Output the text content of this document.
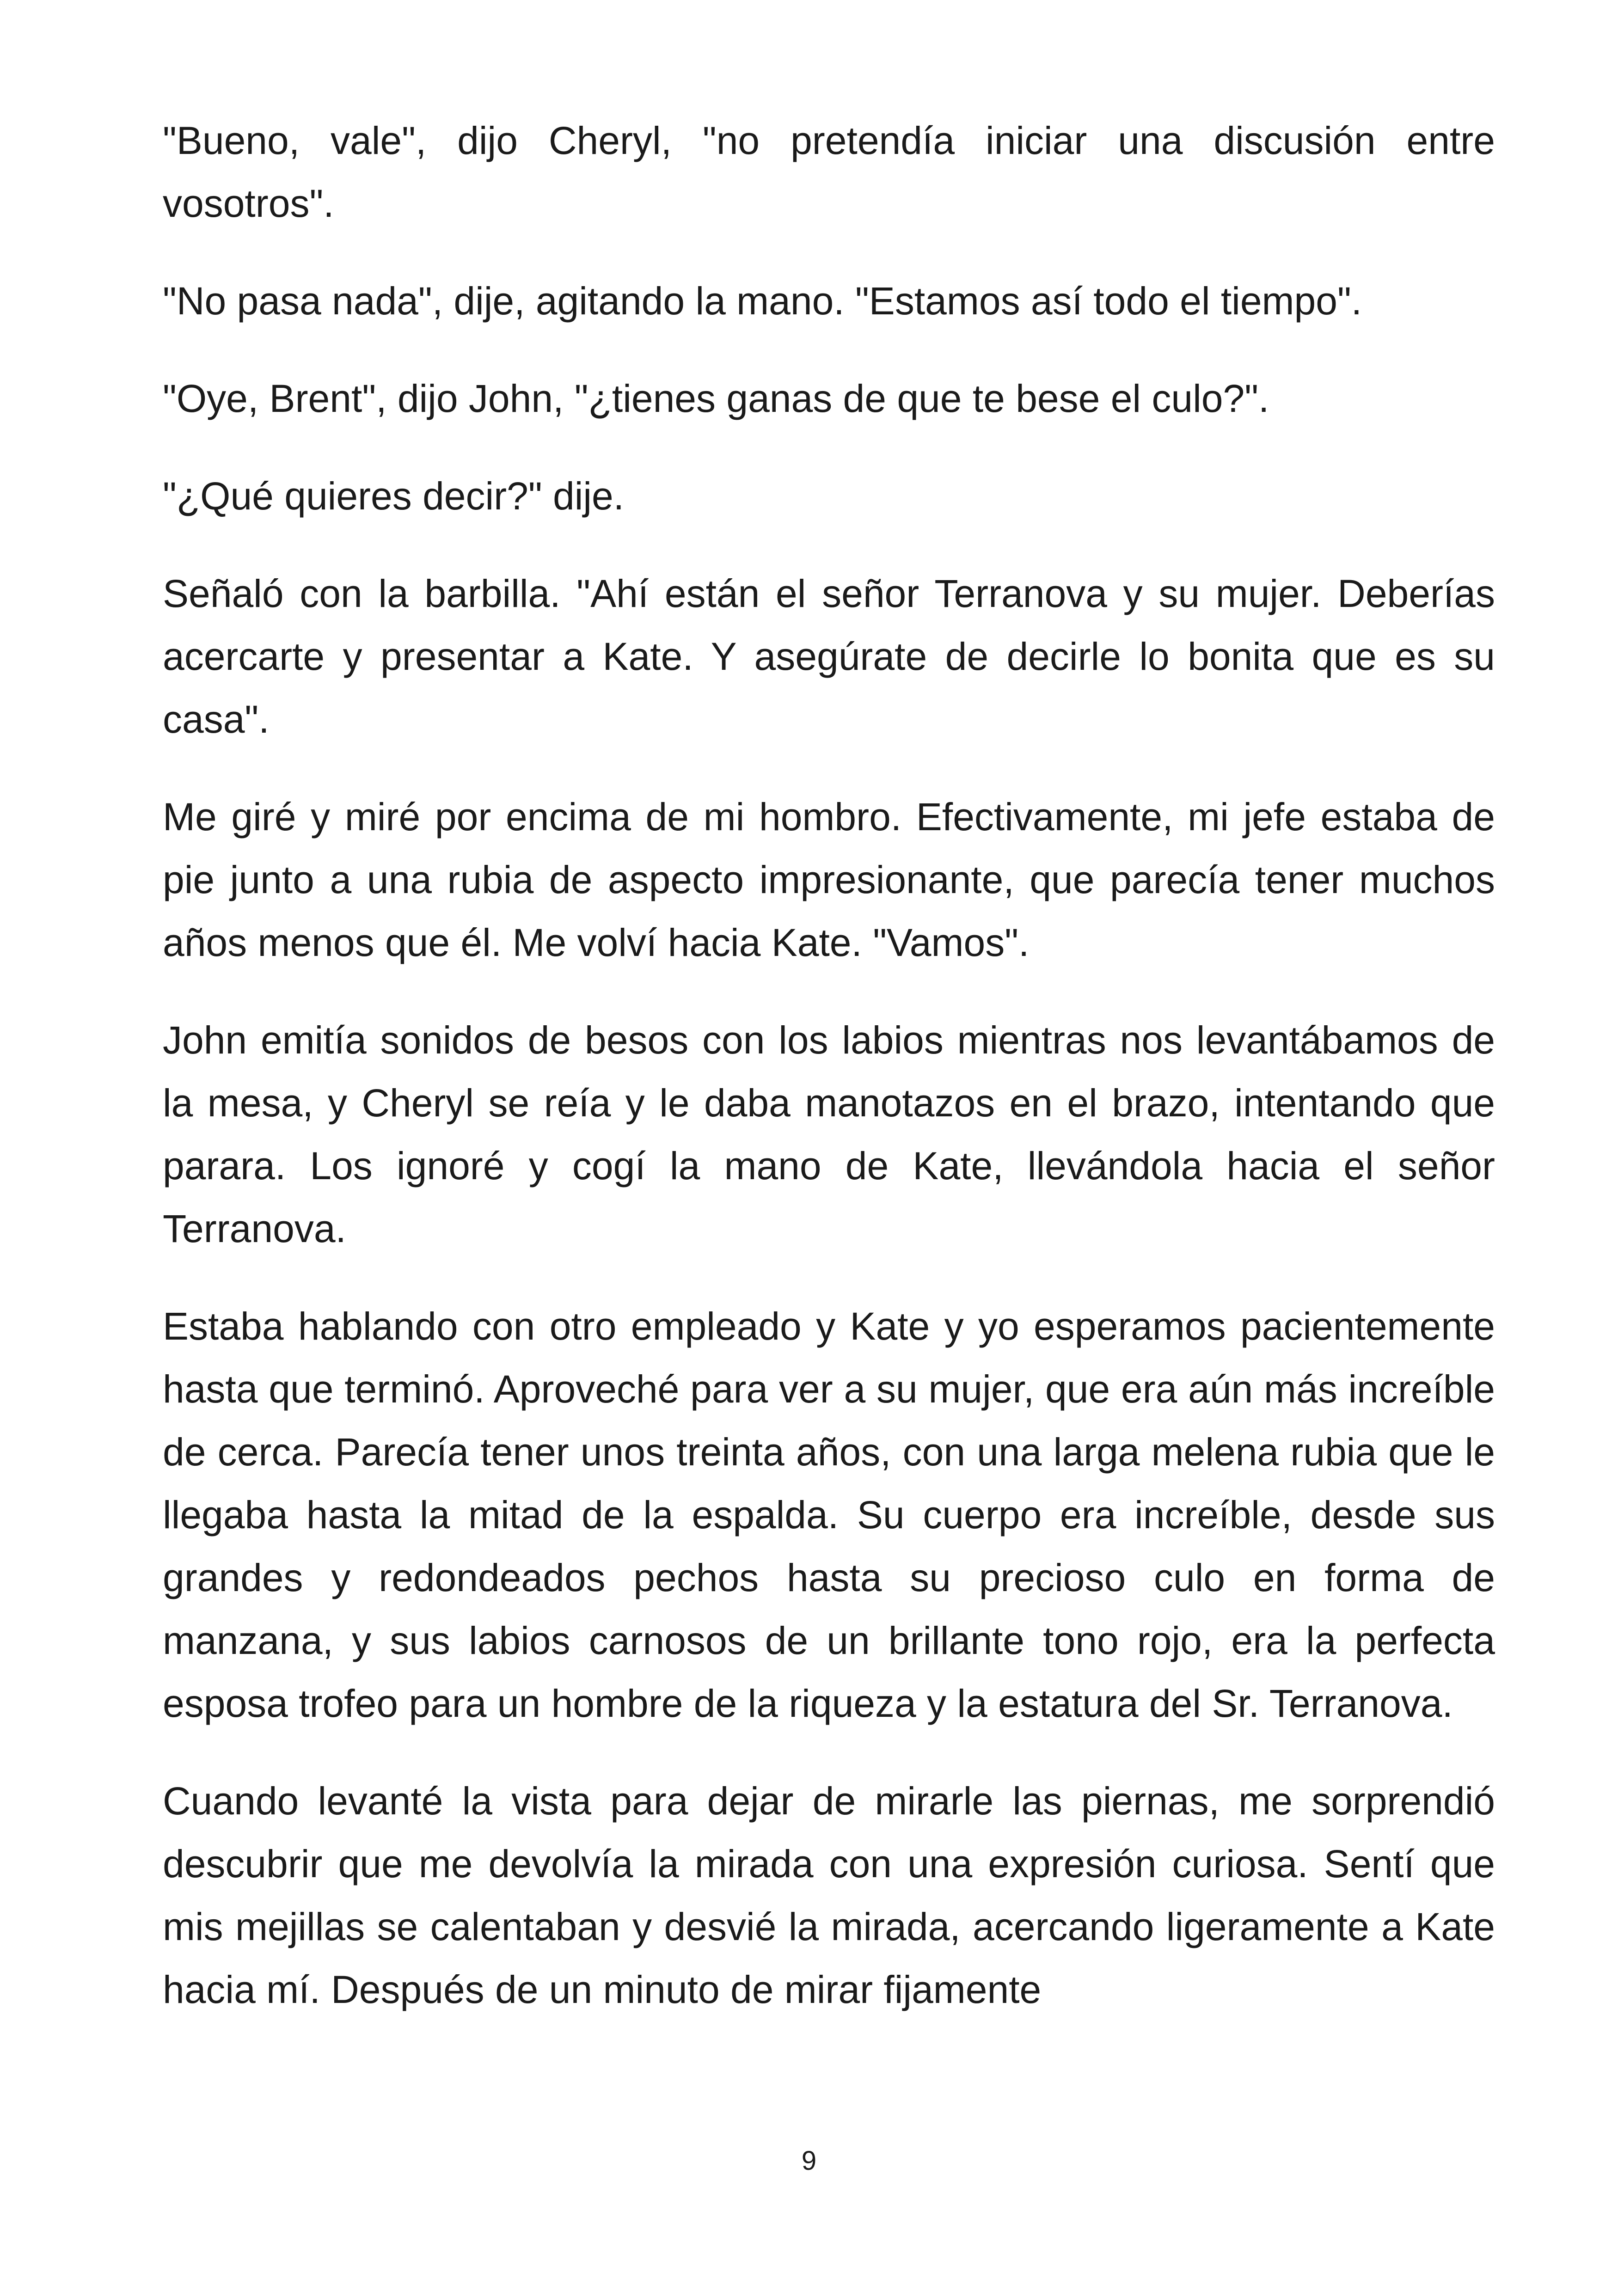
"Bueno, vale", dijo Cheryl, "no pretendía iniciar una discusión entre vosotros".

"No pasa nada", dije, agitando la mano. "Estamos así todo el tiempo".

"Oye, Brent", dijo John, "¿tienes ganas de que te bese el culo?".

"¿Qué quieres decir?" dije.

Señaló con la barbilla. "Ahí están el señor Terranova y su mujer. Deberías acercarte y presentar a Kate. Y asegúrate de decirle lo bonita que es su casa".

Me giré y miré por encima de mi hombro. Efectivamente, mi jefe estaba de pie junto a una rubia de aspecto impresionante, que parecía tener muchos años menos que él. Me volví hacia Kate. "Vamos".

John emitía sonidos de besos con los labios mientras nos levantábamos de la mesa, y Cheryl se reía y le daba manotazos en el brazo, intentando que parara. Los ignoré y cogí la mano de Kate, llevándola hacia el señor Terranova.

Estaba hablando con otro empleado y Kate y yo esperamos pacientemente hasta que terminó. Aproveché para ver a su mujer, que era aún más increíble de cerca. Parecía tener unos treinta años, con una larga melena rubia que le llegaba hasta la mitad de la espalda. Su cuerpo era increíble, desde sus grandes y redondeados pechos hasta su precioso culo en forma de manzana, y sus labios carnosos de un brillante tono rojo, era la perfecta esposa trofeo para un hombre de la riqueza y la estatura del Sr. Terranova.

Cuando levanté la vista para dejar de mirarle las piernas, me sorprendió descubrir que me devolvía la mirada con una expresión curiosa. Sentí que mis mejillas se calentaban y desvié la mirada, acercando ligeramente a Kate hacia mí. Después de un minuto de mirar fijamente

9
